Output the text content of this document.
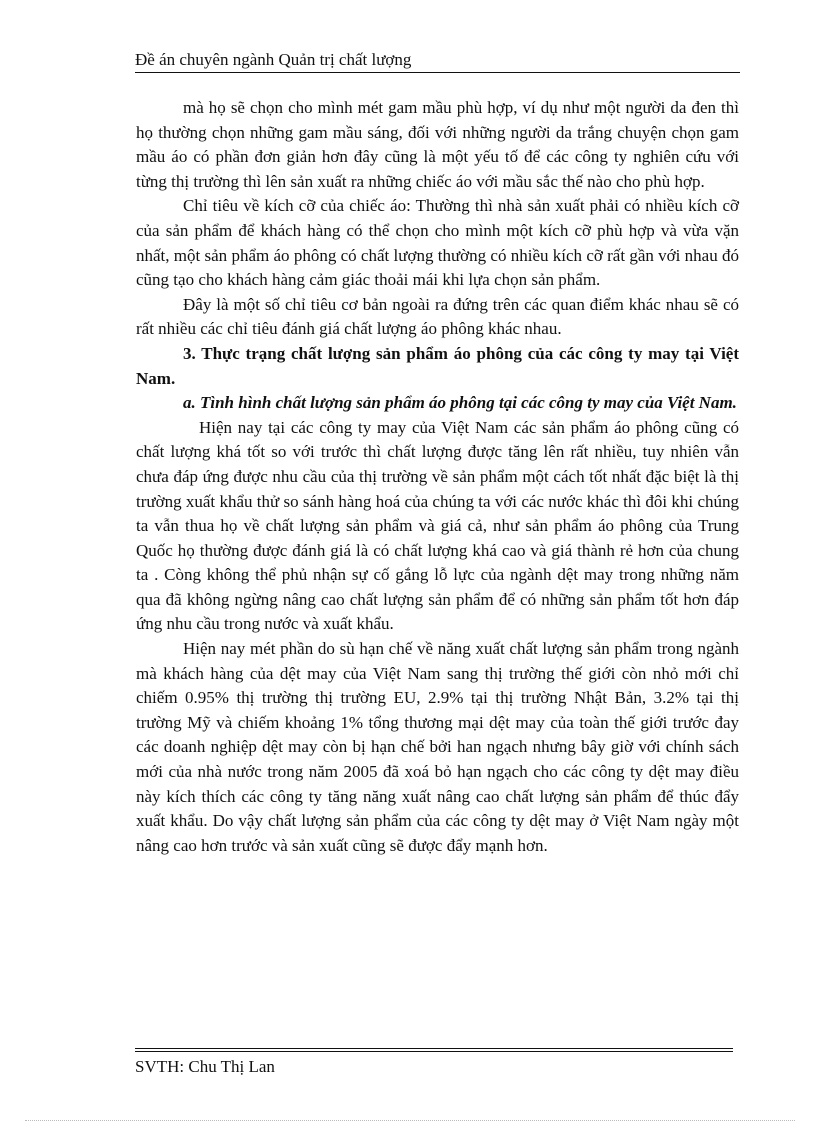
Đề án chuyên ngành Quản trị chất lượng

mà họ sẽ chọn cho mình mét gam mầu phù hợp, ví dụ như một người da đen thì họ thường chọn những gam mầu sáng, đối với những người da trắng chuyện chọn gam mầu áo có phần đơn giản hơn đây cũng là một yếu tố để các công ty nghiên cứu với từng thị trường thì lên sản xuất ra những chiếc áo với mầu sắc thế nào cho phù hợp.

Chỉ tiêu về kích cỡ của chiếc áo: Thường thì nhà sản xuất phải có nhiều kích cỡ của sản phẩm để khách hàng có thể chọn cho mình một kích cỡ phù hợp và vừa vặn nhất, một sản phẩm áo phông có chất lượng thường có nhiều kích cỡ rất gần với nhau đó cũng tạo cho khách hàng cảm giác thoải mái khi lựa chọn sản phẩm.

Đây là một số chỉ tiêu cơ bản ngoài ra đứng trên các quan điểm khác nhau sẽ có rất nhiều các chỉ tiêu đánh giá chất lượng áo phông khác nhau.

3. Thực trạng chất lượng sản phẩm áo phông của các công ty may tại Việt Nam.

a. Tình hình chất lượng sản phẩm áo phông tại các công ty may của Việt Nam.

Hiện nay tại các công ty may của Việt Nam các sản phẩm áo phông cũng có chất lượng khá tốt so với trước thì chất lượng được tăng lên rất nhiều, tuy nhiên vẫn chưa đáp ứng được nhu cầu của thị trường về sản phẩm một cách tốt nhất đặc biệt là thị trường xuất khẩu thử so sánh hàng hoá của chúng ta với các nước khác thì đôi khi chúng ta vẫn thua họ về chất lượng sản phẩm và giá cả, như sản phẩm áo phông của Trung Quốc họ thường được đánh giá là có chất lượng khá cao và giá thành rẻ hơn của chung ta . Còng không thể phủ nhận sự cố gắng lỗ lực của ngành dệt may trong những năm qua đã không ngừng nâng cao chất lượng sản phẩm để có những sản phẩm tốt hơn đáp ứng nhu cầu trong nước và xuất khẩu.

Hiện nay mét phần do sù hạn chế về năng xuất chất lượng sản phẩm trong ngành mà khách hàng của dệt may của Việt Nam sang thị trường thế giới còn nhỏ mới chỉ chiếm 0.95% thị trường thị trường EU, 2.9% tại thị trường Nhật Bản, 3.2% tại thị trường Mỹ và chiếm khoảng 1% tổng thương mại dệt may của toàn thế giới trước đay các doanh nghiệp dệt may còn bị hạn chế bởi han ngạch nhưng bây giờ với chính sách mới của nhà nước trong năm 2005 đã xoá bỏ hạn ngạch cho các công ty dệt may điều này kích thích các công ty tăng năng xuất nâng cao chất lượng sản phẩm để thúc đẩy xuất khẩu. Do vậy chất lượng sản phẩm của các công ty dệt may ở Việt Nam ngày một nâng cao hơn trước và sản xuất cũng sẽ được đẩy mạnh hơn.

SVTH: Chu Thị Lan
